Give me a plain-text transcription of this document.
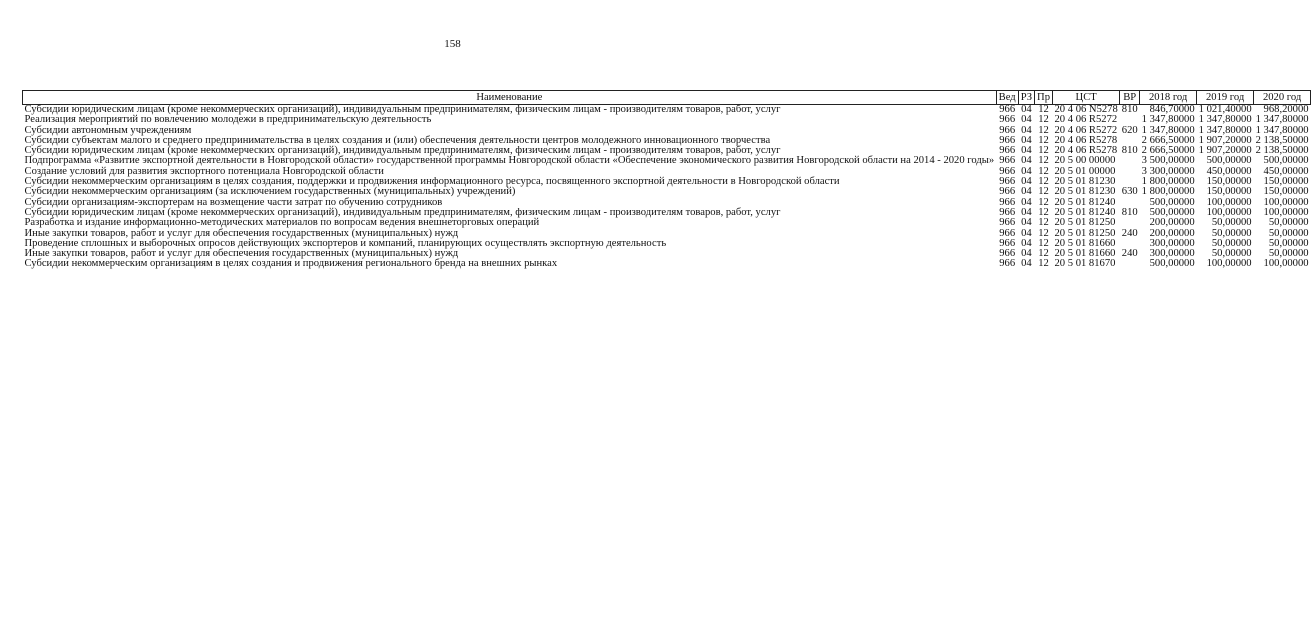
158
Наименование	Вед	РЗ	Пр	ЦСТ	ВР	2018 год	2019 год	2020 год
Субсидии юридическим лицам (кроме некоммерческих организаций), индивидуальным предпринимателям, физическим лицам - производителям товаров, работ, услуг	966	04	12	20 4 06 N5278	810	846,70000	1 021,40000	968,20000
Реализация мероприятий по вовлечению молодежи в предпринимательскую деятельность	966	04	12	20 4 06 R5272		1 347,80000	1 347,80000	1 347,80000
Субсидии автономным учреждениям	966	04	12	20 4 06 R5272	620	1 347,80000	1 347,80000	1 347,80000
Субсидии субъектам малого и среднего предпринимательства в целях создания и (или) обеспечения деятельности центров молодежного инновационного творчества	966	04	12	20 4 06 R5278		2 666,50000	1 907,20000	2 138,50000
Субсидии юридическим лицам (кроме некоммерческих организаций), индивидуальным предпринимателям, физическим лицам - производителям товаров, работ, услуг	966	04	12	20 4 06 R5278	810	2 666,50000	1 907,20000	2 138,50000
Подпрограмма «Развитие экспортной деятельности в Новгородской области» государственной программы Новгородской области «Обеспечение экономического развития Новгородской области на 2014 - 2020 годы»	966	04	12	20 5 00 00000		3 500,00000	500,00000	500,00000
Создание условий для развития экспортного потенциала Новгородской области	966	04	12	20 5 01 00000		3 300,00000	450,00000	450,00000
Субсидии некоммерческим организациям в целях создания, поддержки и продвижения информационного ресурса, посвященного экспортной деятельности в Новгородской области	966	04	12	20 5 01 81230		1 800,00000	150,00000	150,00000
Субсидии некоммерческим организациям (за исключением государственных (муниципальных) учреждений)	966	04	12	20 5 01 81230	630	1 800,00000	150,00000	150,00000
Субсидии организациям-экспортерам на возмещение части затрат по обучению сотрудников	966	04	12	20 5 01 81240		500,00000	100,00000	100,00000
Субсидии юридическим лицам (кроме некоммерческих организаций), индивидуальным предпринимателям, физическим лицам - производителям товаров, работ, услуг	966	04	12	20 5 01 81240	810	500,00000	100,00000	100,00000
Разработка и издание информационно-методических материалов по вопросам ведения внешнеторговых операций	966	04	12	20 5 01 81250		200,00000	50,00000	50,00000
Иные закупки товаров, работ и услуг для обеспечения государственных (муниципальных) нужд	966	04	12	20 5 01 81250	240	200,00000	50,00000	50,00000
Проведение сплошных и выборочных опросов действующих экспортеров и компаний, планирующих осуществлять экспортную деятельность	966	04	12	20 5 01 81660		300,00000	50,00000	50,00000
Иные закупки товаров, работ и услуг для обеспечения государственных (муниципальных) нужд	966	04	12	20 5 01 81660	240	300,00000	50,00000	50,00000
Субсидии некоммерческим организациям в целях создания и продвижения регионального бренда на внешних рынках	966	04	12	20 5 01 81670		500,00000	100,00000	100,00000
